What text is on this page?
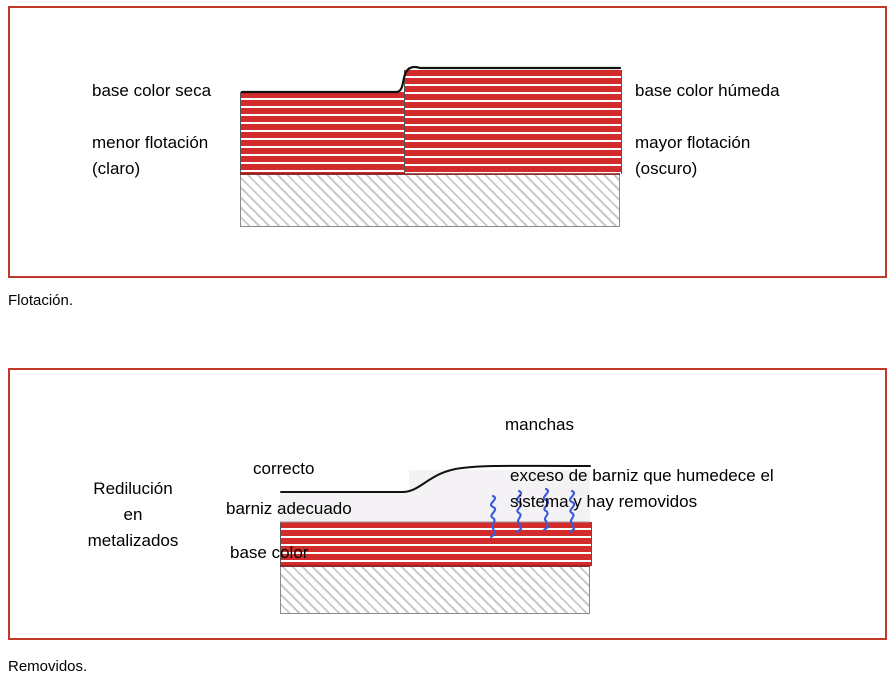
base color seca	base color húmeda
menor flotación
(claro)
mayor flotación
(oscuro)
Flotación.
Redilución
en
metalizados
manchas
correcto
barniz adecuado
base color
exceso de barniz que humedece el
sistema y hay removidos
Removidos.
